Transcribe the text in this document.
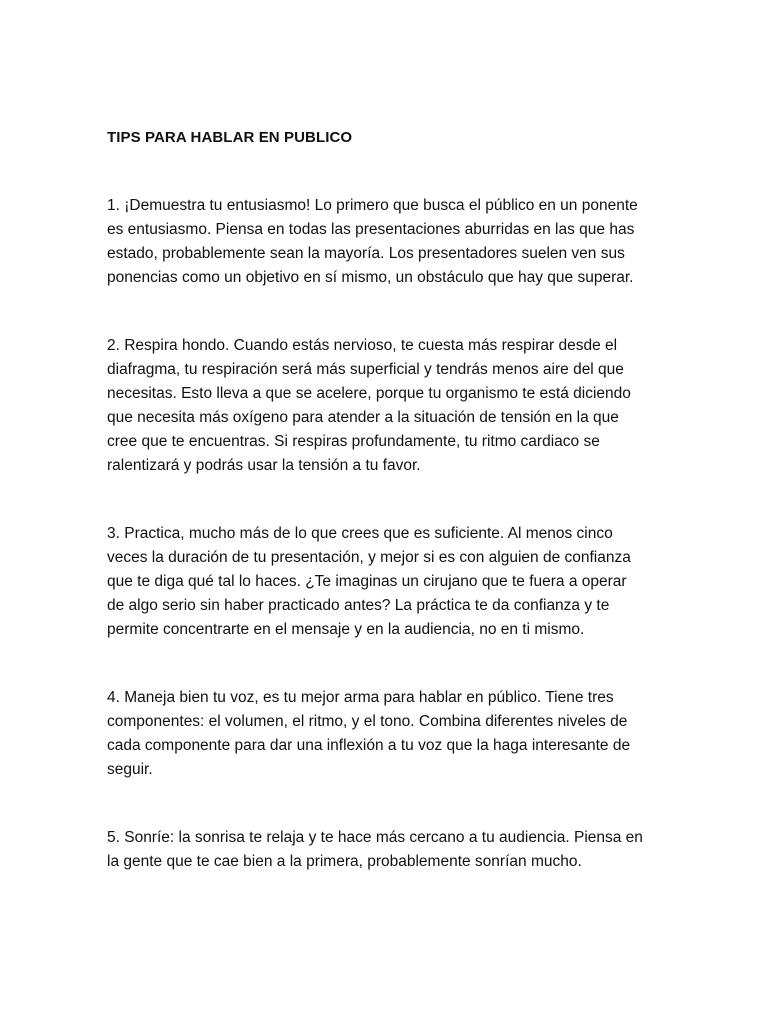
TIPS PARA HABLAR EN PUBLICO

1. ¡Demuestra tu entusiasmo! Lo primero que busca el público en un ponente
es entusiasmo. Piensa en todas las presentaciones aburridas en las que has
estado, probablemente sean la mayoría. Los presentadores suelen ven sus
ponencias como un objetivo en sí mismo, un obstáculo que hay que superar.

2. Respira hondo. Cuando estás nervioso, te cuesta más respirar desde el
diafragma, tu respiración será más superficial y tendrás menos aire del que
necesitas. Esto lleva a que se acelere, porque tu organismo te está diciendo
que necesita más oxígeno para atender a la situación de tensión en la que
cree que te encuentras. Si respiras profundamente, tu ritmo cardiaco se
ralentizará y podrás usar la tensión a tu favor.

3. Practica, mucho más de lo que crees que es suficiente. Al menos cinco
veces la duración de tu presentación, y mejor si es con alguien de confianza
que te diga qué tal lo haces. ¿Te imaginas un cirujano que te fuera a operar
de algo serio sin haber practicado antes? La práctica te da confianza y te
permite concentrarte en el mensaje y en la audiencia, no en ti mismo.

4. Maneja bien tu voz, es tu mejor arma para hablar en público. Tiene tres
componentes: el volumen, el ritmo, y el tono. Combina diferentes niveles de
cada componente para dar una inflexión a tu voz que la haga interesante de
seguir.

5. Sonríe: la sonrisa te relaja y te hace más cercano a tu audiencia. Piensa en
la gente que te cae bien a la primera, probablemente sonrían mucho.
